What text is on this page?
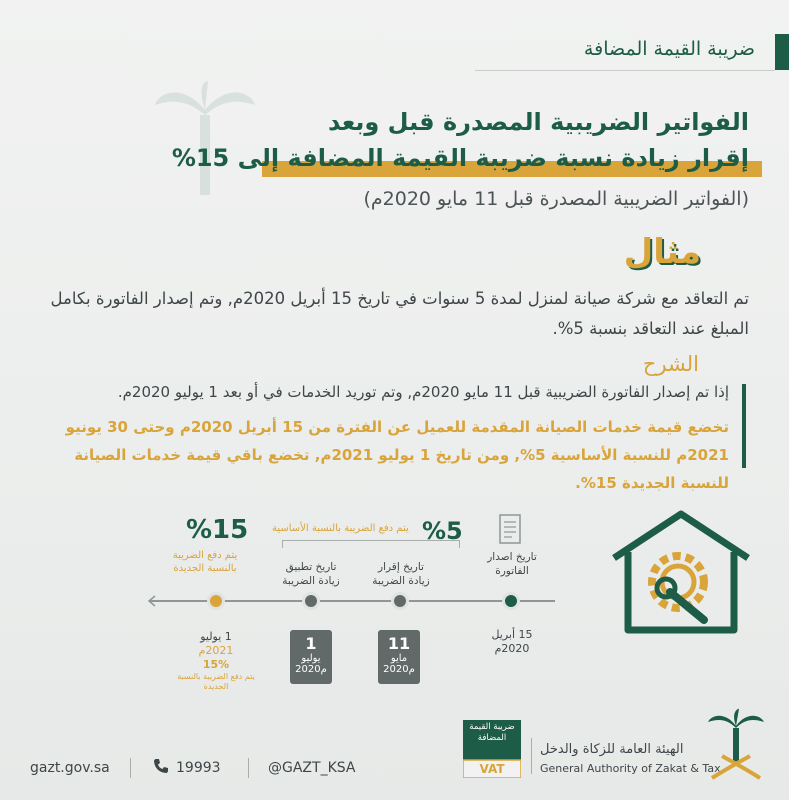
ضريبة القيمة المضافة
الفواتير الضريبية المصدرة قبل وبعد
إقرار زيادة نسبة ضريبة القيمة المضافة إلى 15%
(الفواتير الضريبية المصدرة قبل 11 مايو 2020م)
مثال
تم التعاقد مع شركة صيانة لمنزل لمدة 5 سنوات في تاريخ 15 أبريل 2020م, وتم إصدار الفاتورة بكامل المبلغ عند التعاقد بنسبة 5%.
الشرح
إذا تم إصدار الفاتورة الضريبية قبل 11 مايو 2020م, وتم توريد الخدمات في أو بعد 1 يوليو 2020م.
تخضع قيمة خدمات الصيانة المقدمة للعميل عن الفترة من 15 أبريل 2020م وحتى 30 يونيو 2021م للنسبة الأساسية 5%, ومن تاريخ 1 يوليو 2021م, تخضع باقي قيمة خدمات الصيانة للنسبة الجديدة 15%.
%15
يتم دفع الضريبة بالنسبة الجديدة
%5
يتم دفع الضريبة بالنسبة الأساسية
تاريخ اصدار الفاتورة
تاريخ إقرار زيادة الضريبة
تاريخ تطبيق زيادة الضريبة
15 أبريل
2020م
11
مايو
2020م
1
يوليو
2020م
1 يوليو
2021م
15%
يتم دفع الضريبة بالنسبة الجديدة
gazt.gov.sa	19993	@GAZT_KSA
ضريبة القيمة المضافة
VAT
الهيئة العامة للزكاة والدخل
General Authority of Zakat & Tax
